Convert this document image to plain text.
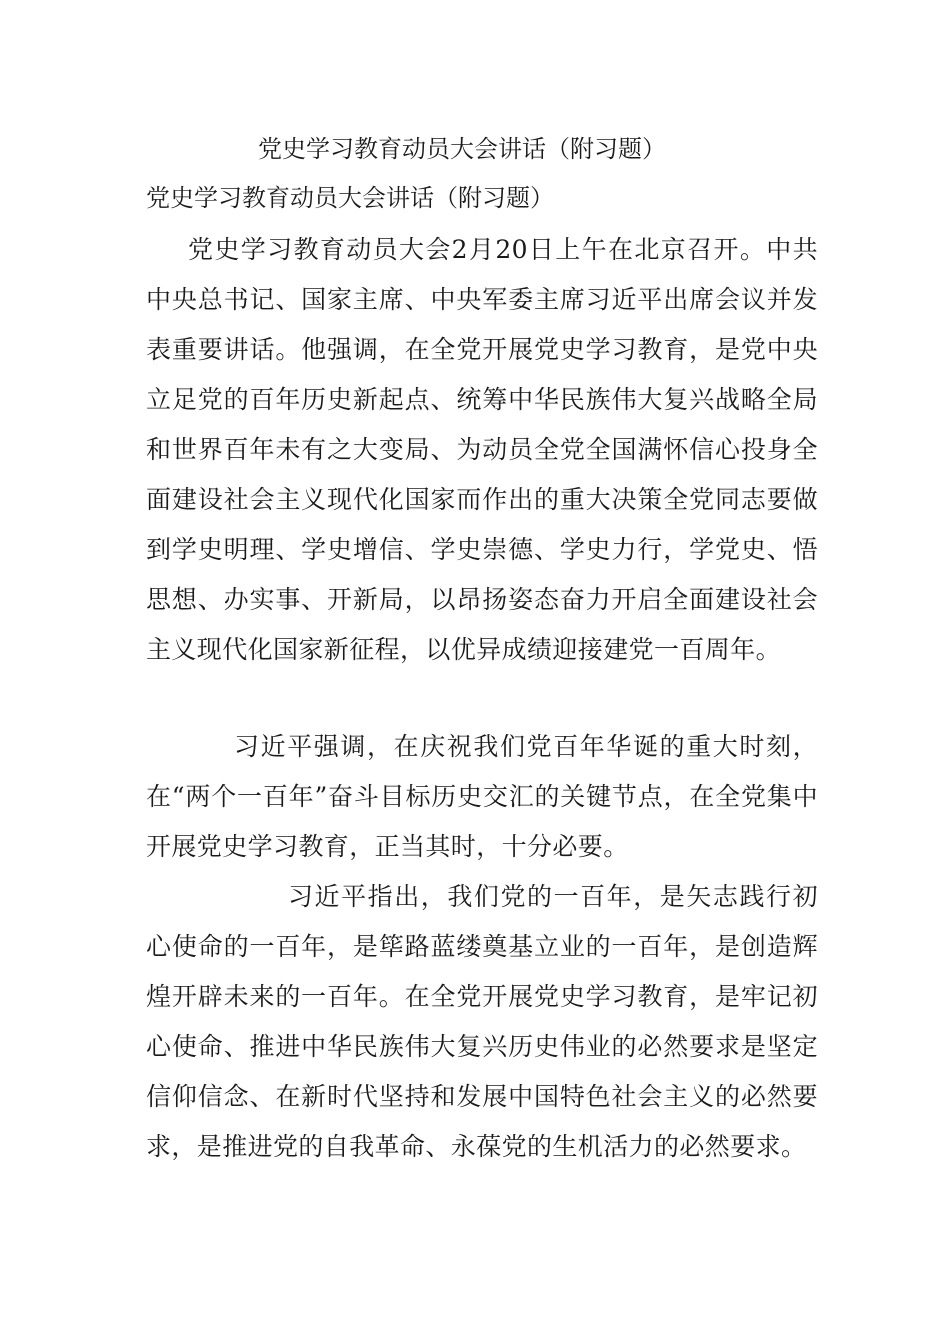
党史学习教育动员大会讲话（附习题）
党史学习教育动员大会讲话（附习题）

党史学习教育动员大会2月20日上午在北京召开。中共中央总书记、国家主席、中央军委主席习近平出席会议并发表重要讲话。他强调，在全党开展党史学习教育，是党中央立足党的百年历史新起点、统筹中华民族伟大复兴战略全局和世界百年未有之大变局、为动员全党全国满怀信心投身全面建设社会主义现代化国家而作出的重大决策全党同志要做到学史明理、学史增信、学史崇德、学史力行，学党史、悟思想、办实事、开新局，以昂扬姿态奋力开启全面建设社会主义现代化国家新征程，以优异成绩迎接建党一百周年。

习近平强调，在庆祝我们党百年华诞的重大时刻，在“两个一百年”奋斗目标历史交汇的关键节点，在全党集中开展党史学习教育，正当其时，十分必要。

习近平指出，我们党的一百年，是矢志践行初心使命的一百年，是筚路蓝缕奠基立业的一百年，是创造辉煌开辟未来的一百年。在全党开展党史学习教育，是牢记初心使命、推进中华民族伟大复兴历史伟业的必然要求是坚定信仰信念、在新时代坚持和发展中国特色社会主义的必然要求，是推进党的自我革命、永葆党的生机活力的必然要求。
